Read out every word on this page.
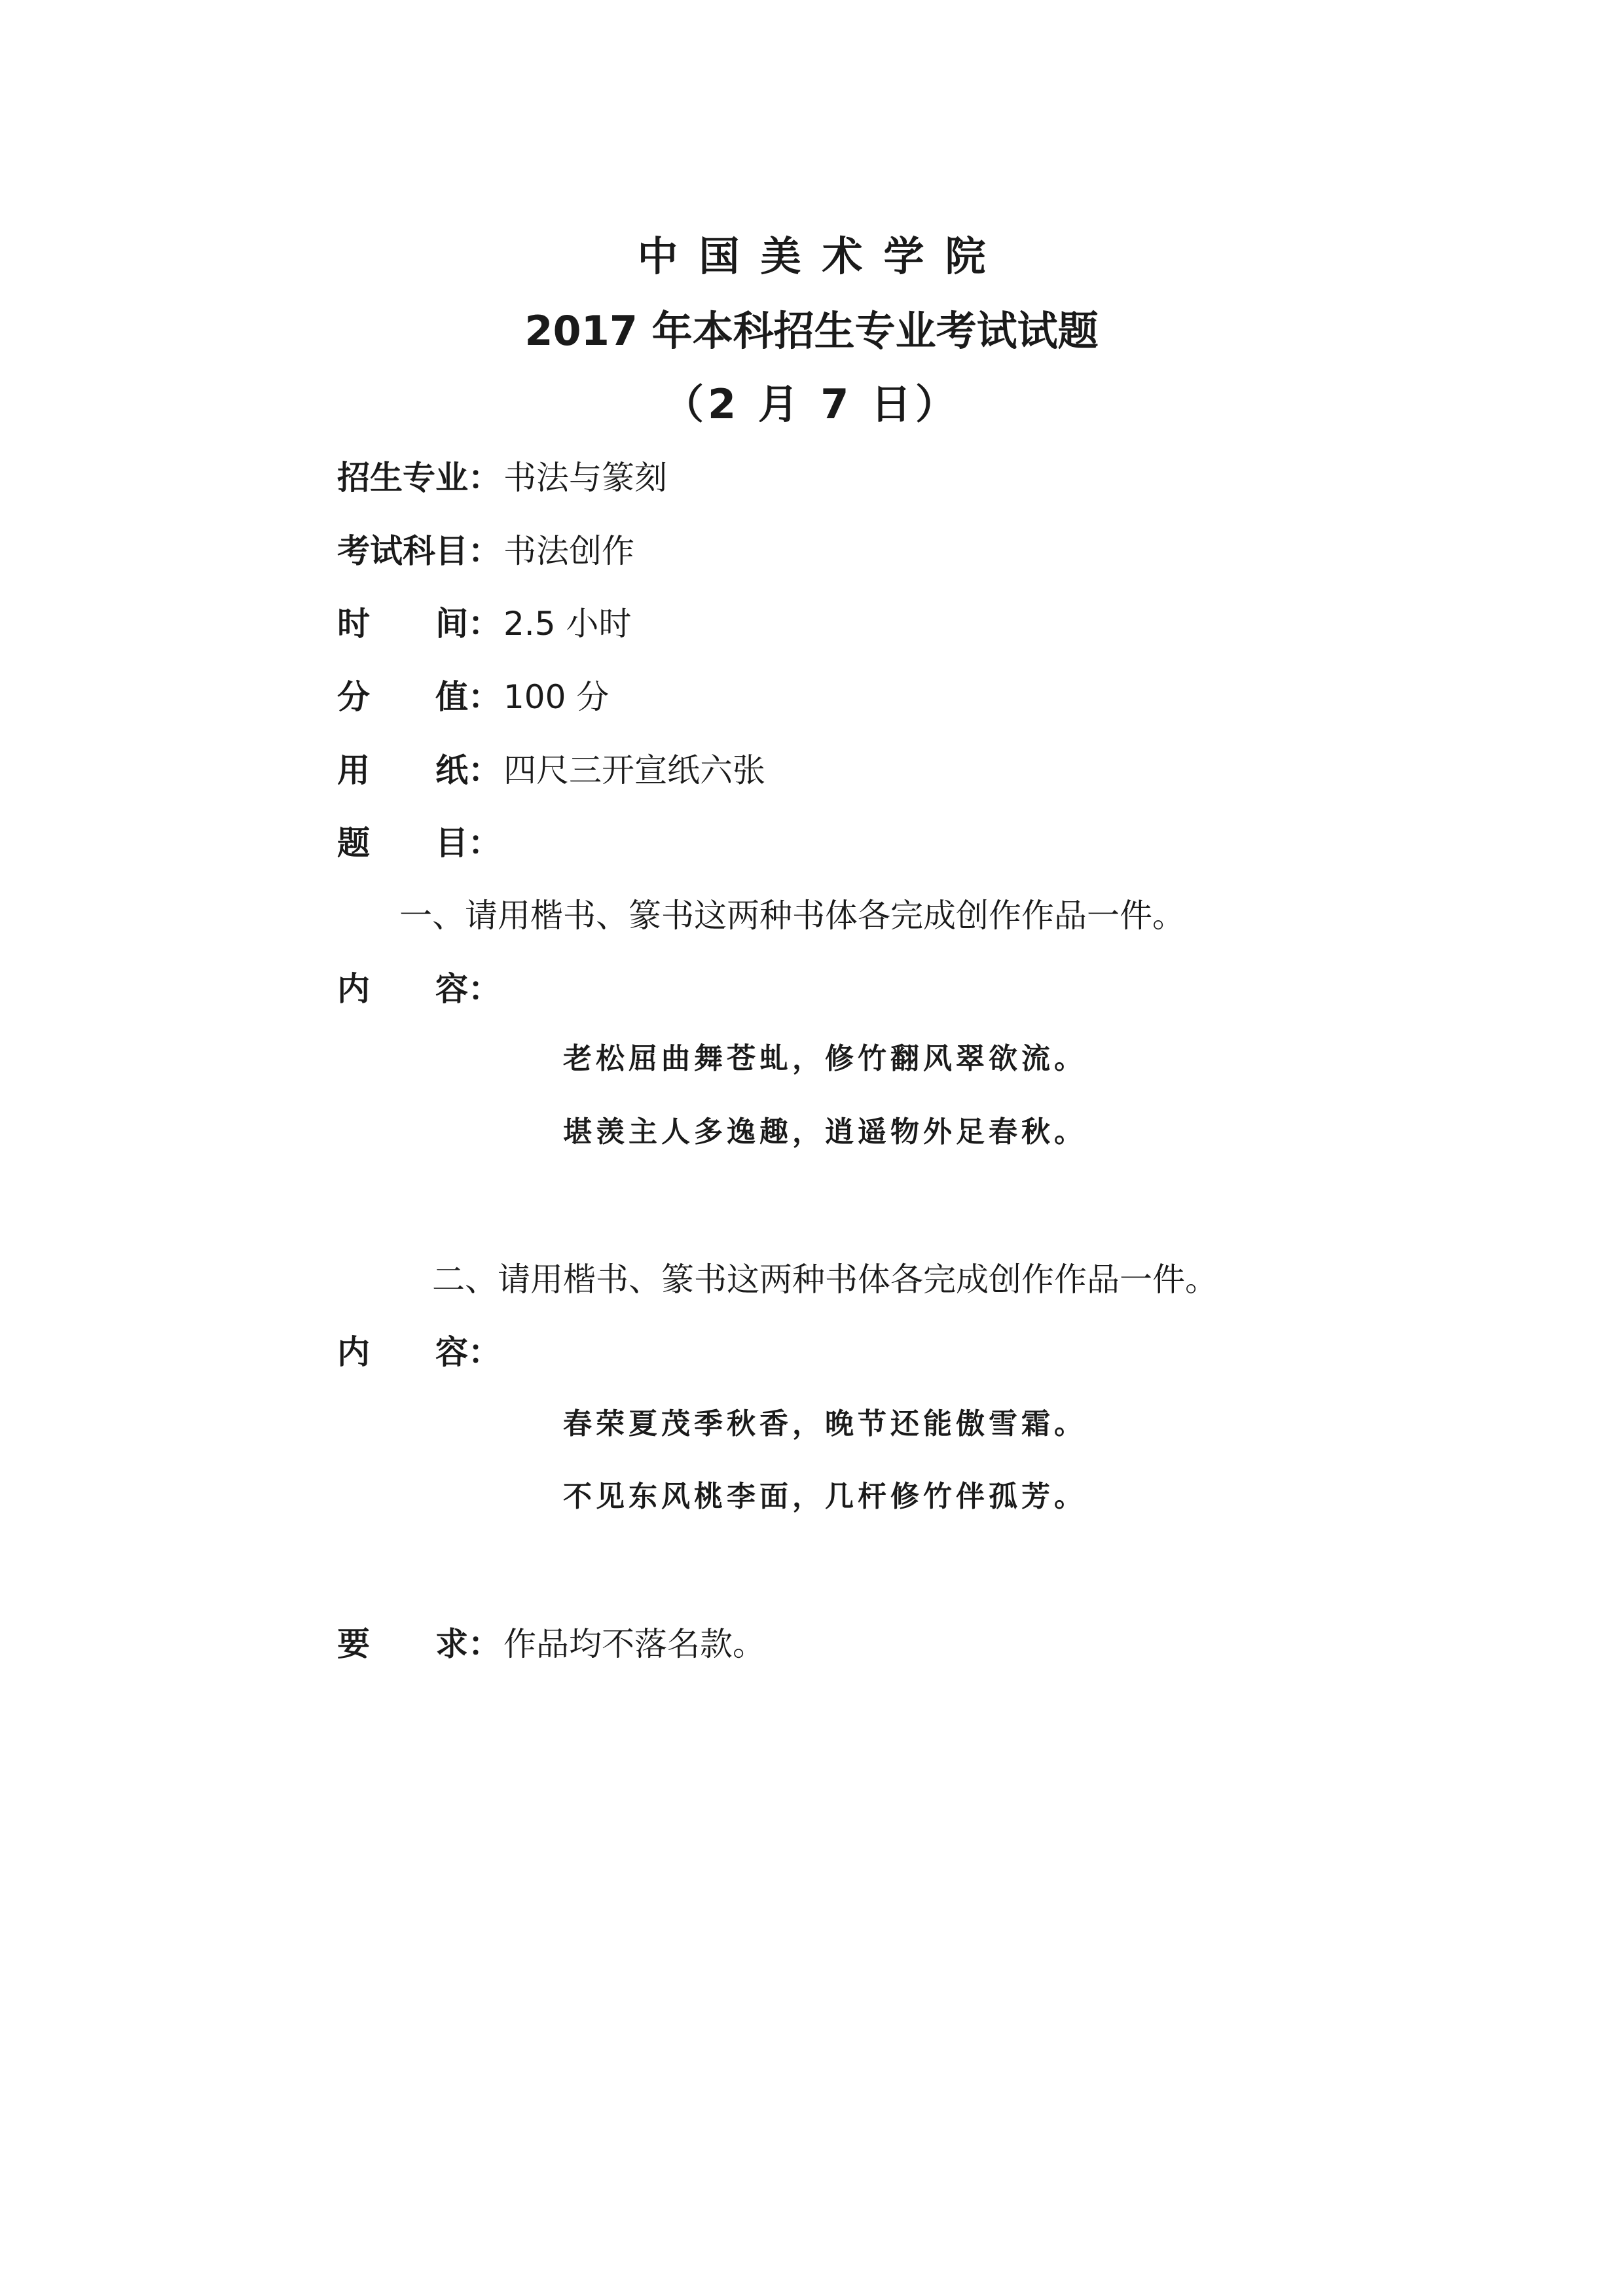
中国美术学院
2017 年本科招生专业考试试题
（2 月 7 日）
招生专业：书法与篆刻
考试科目：书法创作
时间：2.5 小时
分值：100 分
用纸：四尺三开宣纸六张
题目：
一、请用楷书、篆书这两种书体各完成创作作品一件。
内容：
老松屈曲舞苍虬，修竹翻风翠欲流。
堪羡主人多逸趣，逍遥物外足春秋。
二、请用楷书、篆书这两种书体各完成创作作品一件。
内容：
春荣夏茂季秋香，晚节还能傲雪霜。
不见东风桃李面，几杆修竹伴孤芳。
要求：作品均不落名款。
